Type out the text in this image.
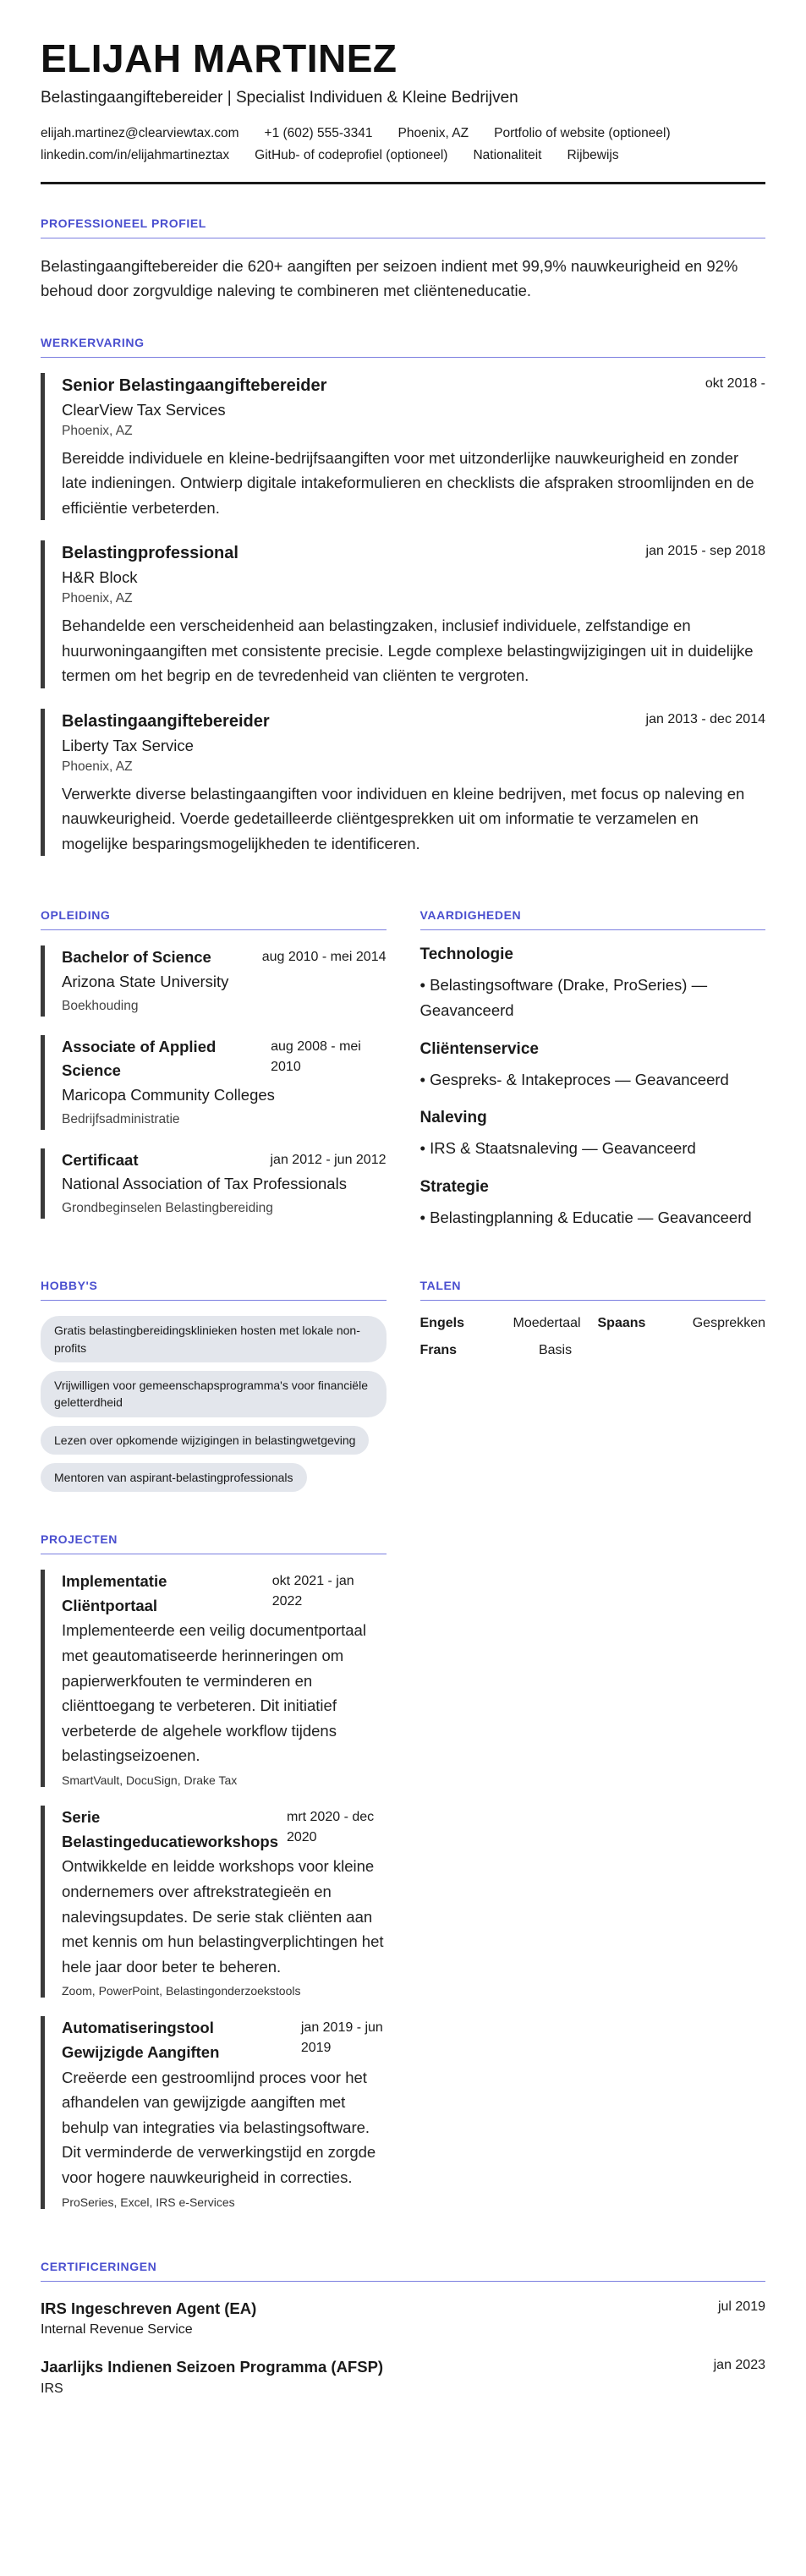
ELIJAH MARTINEZ
Belastingaangiftebereider | Specialist Individuen & Kleine Bedrijven
elijah.martinez@clearviewtax.com +1 (602) 555-3341 Phoenix, AZ Portfolio of website (optioneel)
linkedin.com/in/elijahmartineztax GitHub- of codeprofiel (optioneel) Nationaliteit Rijbewijs
PROFESSIONEEL PROFIEL

Belastingaangiftebereider die 620+ aangiften per seizoen indient met 99,9% nauwkeurigheid en 92% behoud door zorgvuldige naleving te combineren met cliënteneducatie.

WERKERVARING
Senior Belastingaangiftebereider	okt 2018 -
ClearView Tax Services
Phoenix, AZ

Bereidde individuele en kleine-bedrijfsaangiften voor met uitzonderlijke nauwkeurigheid en zonder late indieningen. Ontwierp digitale intakeformulieren en checklists die afspraken stroomlijnden en de efficiëntie verbeterden.

Belastingprofessional	jan 2015 - sep 2018
H&R Block
Phoenix, AZ

Behandelde een verscheidenheid aan belastingzaken, inclusief individuele, zelfstandige en huurwoningaangiften met consistente precisie. Legde complexe belastingwijzigingen uit in duidelijke termen om het begrip en de tevredenheid van cliënten te vergroten.

Belastingaangiftebereider	jan 2013 - dec 2014
Liberty Tax Service
Phoenix, AZ

Verwerkte diverse belastingaangiften voor individuen en kleine bedrijven, met focus op naleving en nauwkeurigheid. Voerde gedetailleerde cliëntgesprekken uit om informatie te verzamelen en mogelijke besparingsmogelijkheden te identificeren.

OPLEIDING
Bachelor of Science	aug 2010 - mei 2014
Arizona State University
Boekhouding
Associate of Applied Science
aug 2008 - mei 2010
Maricopa Community Colleges
Bedrijfsadministratie
Certificaat	jan 2012 - jun 2012
National Association of Tax Professionals
Grondbeginselen Belastingbereiding
VAARDIGHEDEN
Technologie
• Belastingsoftware (Drake, ProSeries) — Geavanceerd
Cliëntenservice
• Gespreks- & Intakeproces — Geavanceerd
Naleving
• IRS & Staatsnaleving — Geavanceerd
Strategie
• Belastingplanning & Educatie — Geavanceerd
HOBBY'S
Gratis belastingbereidingsklinieken hosten met lokale non-profits
Vrijwilligen voor gemeenschapsprogramma's voor financiële geletterdheid
Lezen over opkomende wijzigingen in belastingwetgeving
Mentoren van aspirant-belastingprofessionals
TALEN
Engels	Moedertaal	Spaans	Gesprekken
Frans	Basis
PROJECTEN
Implementatie Cliëntportaal
okt 2021 - jan 2022

Implementeerde een veilig documentportaal met geautomatiseerde herinneringen om papierwerkfouten te verminderen en cliënttoegang te verbeteren. Dit initiatief verbeterde de algehele workflow tijdens belastingseizoenen.

SmartVault, DocuSign, Drake Tax
Serie Belastingeducatieworkshops
mrt 2020 - dec 2020

Ontwikkelde en leidde workshops voor kleine ondernemers over aftrekstrategieën en nalevingsupdates. De serie stak cliënten aan met kennis om hun belastingverplichtingen het hele jaar door beter te beheren.

Zoom, PowerPoint, Belastingonderzoekstools
Automatiseringstool Gewijzigde Aangiften
jan 2019 - jun 2019

Creëerde een gestroomlijnd proces voor het afhandelen van gewijzigde aangiften met behulp van integraties via belastingsoftware. Dit verminderde de verwerkingstijd en zorgde voor hogere nauwkeurigheid in correcties.

ProSeries, Excel, IRS e-Services
CERTIFICERINGEN
IRS Ingeschreven Agent (EA)
Internal Revenue Service
jul 2019
Jaarlijks Indienen Seizoen Programma (AFSP)
IRS
jan 2023
